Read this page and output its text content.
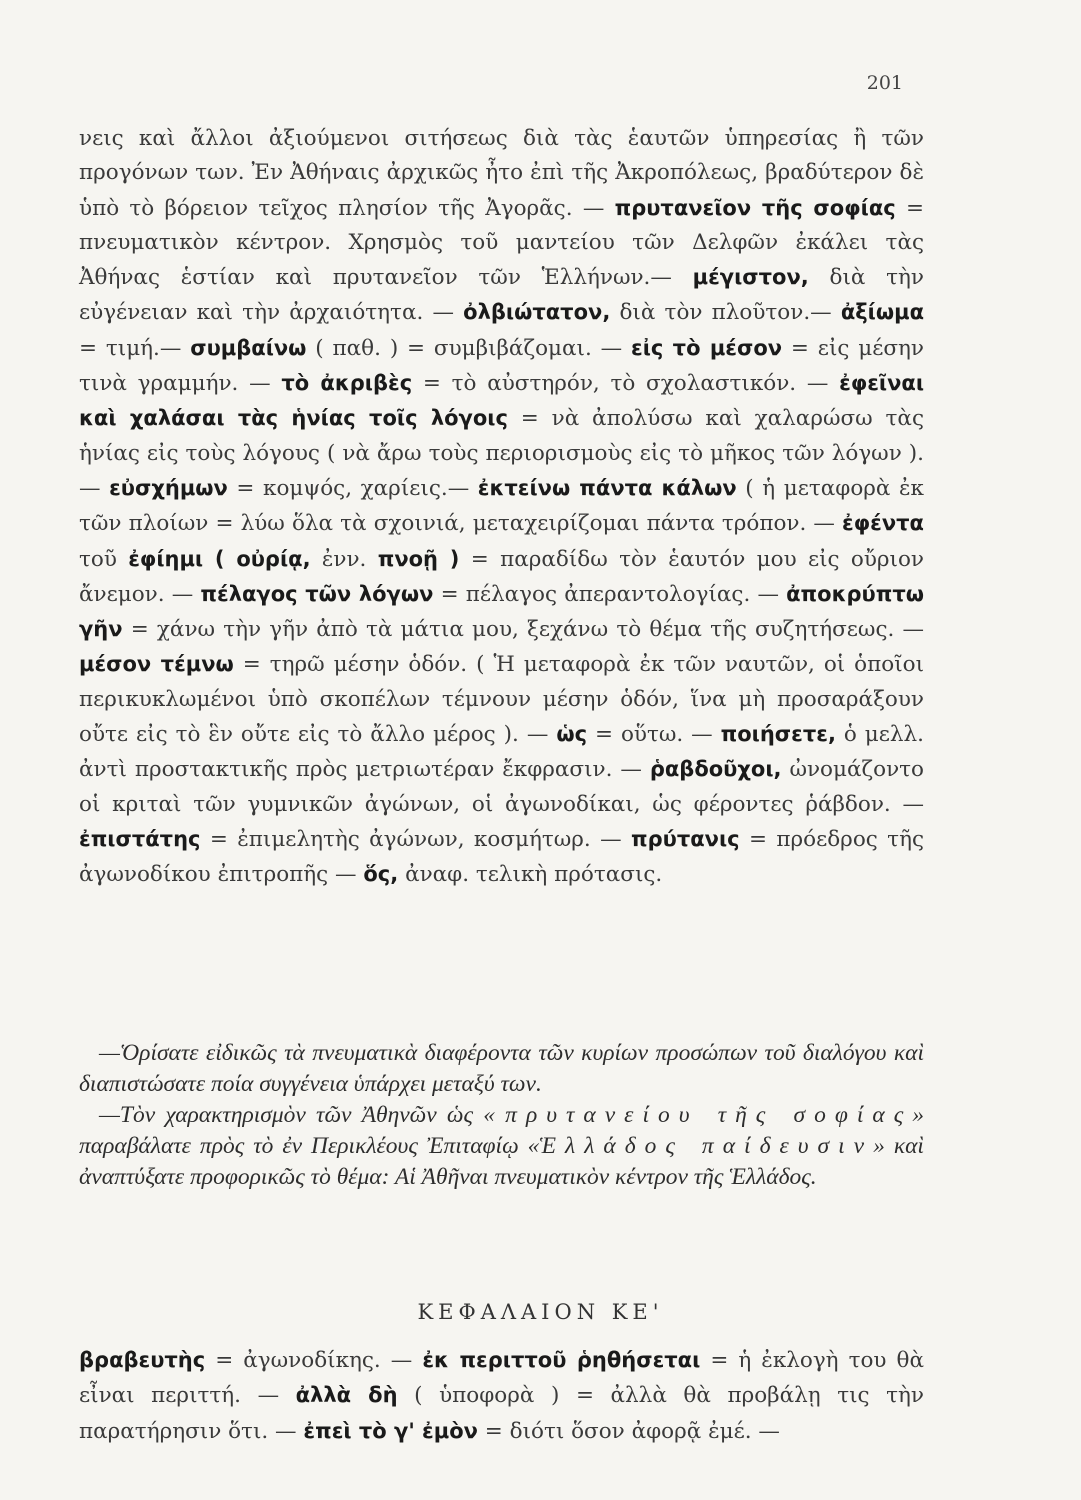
201
νεις καὶ ἄλλοι ἀξιούμενοι σιτήσεως διὰ τὰς ἑαυτῶν ὑπηρεσίας ἢ τῶν προγόνων των. Ἐν Ἀθήναις ἀρχικῶς ἦτο ἐπὶ τῆς Ἀκροπόλεως, βραδύτερον δὲ ὑπὸ τὸ βόρειον τεῖχος πλησίον τῆς Ἀγορᾶς. — πρυτανεῖον τῆς σοφίας = πνευματικὸν κέντρον. Χρησμὸς τοῦ μαντείου τῶν Δελφῶν ἐκάλει τὰς Ἀθήνας ἑστίαν καὶ πρυτανεῖον τῶν Ἑλλήνων.— μέγιστον, διὰ τὴν εὐγένειαν καὶ τὴν ἀρχαιότητα. — ὀλβιώτατον, διὰ τὸν πλοῦτον.— ἀξίωμα = τιμή.— συμβαίνω ( παθ. ) = συμβιβάζομαι. — εἰς τὸ μέσον = εἰς μέσην τινὰ γραμμήν. — τὸ ἀκριβὲς = τὸ αὐστηρόν, τὸ σχολαστικόν. — ἐφεῖναι καὶ χαλάσαι τὰς ἡνίας τοῖς λόγοις = νὰ ἀπολύσω καὶ χαλαρώσω τὰς ἡνίας εἰς τοὺς λόγους ( νὰ ἄρω τοὺς περιορισμοὺς εἰς τὸ μῆκος τῶν λόγων ).— εὐσχήμων = κομψός, χαρίεις.— ἐκτείνω πάντα κάλων ( ἡ μεταφορὰ ἐκ τῶν πλοίων = λύω ὅλα τὰ σχοινιά, μεταχειρίζομαι πάντα τρόπον. — ἐφέντα τοῦ ἐφίημι ( οὐρίᾳ, ἐνν. πνοῇ ) = παραδίδω τὸν ἑαυτόν μου εἰς οὔριον ἄνεμον. — πέλαγος τῶν λόγων = πέλαγος ἀπεραντολογίας. — ἀποκρύπτω γῆν = χάνω τὴν γῆν ἀπὸ τὰ μάτια μου, ξεχάνω τὸ θέμα τῆς συζητήσεως. — μέσον τέμνω = τηρῶ μέσην ὁδόν. ( Ἡ μεταφορὰ ἐκ τῶν ναυτῶν, οἱ ὁποῖοι περικυκλωμένοι ὑπὸ σκοπέλων τέμνουν μέσην ὁδόν, ἵνα μὴ προσαράξουν οὔτε εἰς τὸ ἓν οὔτε εἰς τὸ ἄλλο μέρος ). — ὡς = οὕτω. — ποιήσετε, ὁ μελλ. ἀντὶ προστακτικῆς πρὸς μετριωτέραν ἔκφρασιν. — ῥαβδοῦχοι, ὠνομάζοντο οἱ κριταὶ τῶν γυμνικῶν ἀγώνων, οἱ ἀγωνοδίκαι, ὡς φέροντες ῥάβδον. — ἐπιστάτης = ἐπιμελητὴς ἀγώνων, κοσμήτωρ. — πρύτανις = πρόεδρος τῆς ἀγωνοδίκου ἐπιτροπῆς — ὅς, ἀναφ. τελικὴ πρότασις.

—Ὁρίσατε εἰδικῶς τὰ πνευματικὰ διαφέροντα τῶν κυρίων προσώπων τοῦ διαλόγου καὶ διαπιστώσατε ποία συγγένεια ὑπάρχει μεταξύ των.

—Τὸν χαρακτηρισμὸν τῶν Ἀθηνῶν ὡς « πρυτανείου τῆς σοφίας» παραβάλατε πρὸς τὸ ἐν Περικλέους Ἐπιταφίῳ «Ἑλλάδος παίδευσιν» καὶ ἀναπτύξατε προφορικῶς τὸ θέμα: Αἱ Ἀθῆναι πνευματικὸν κέντρον τῆς Ἑλλάδος.

ΚΕΦΑΛΑΙΟΝ ΚΕ'
βραβευτὴς = ἀγωνοδίκης. — ἐκ περιττοῦ ῥηθήσεται = ἡ ἐκλογὴ του θὰ εἶναι περιττή. — ἀλλὰ δὴ ( ὑποφορὰ ) = ἀλλὰ θὰ προβάλῃ τις τὴν παρατήρησιν ὅτι. — ἐπεὶ τὸ γ' ἐμὸν = διότι ὅσον ἀφορᾷ ἐμέ. —
